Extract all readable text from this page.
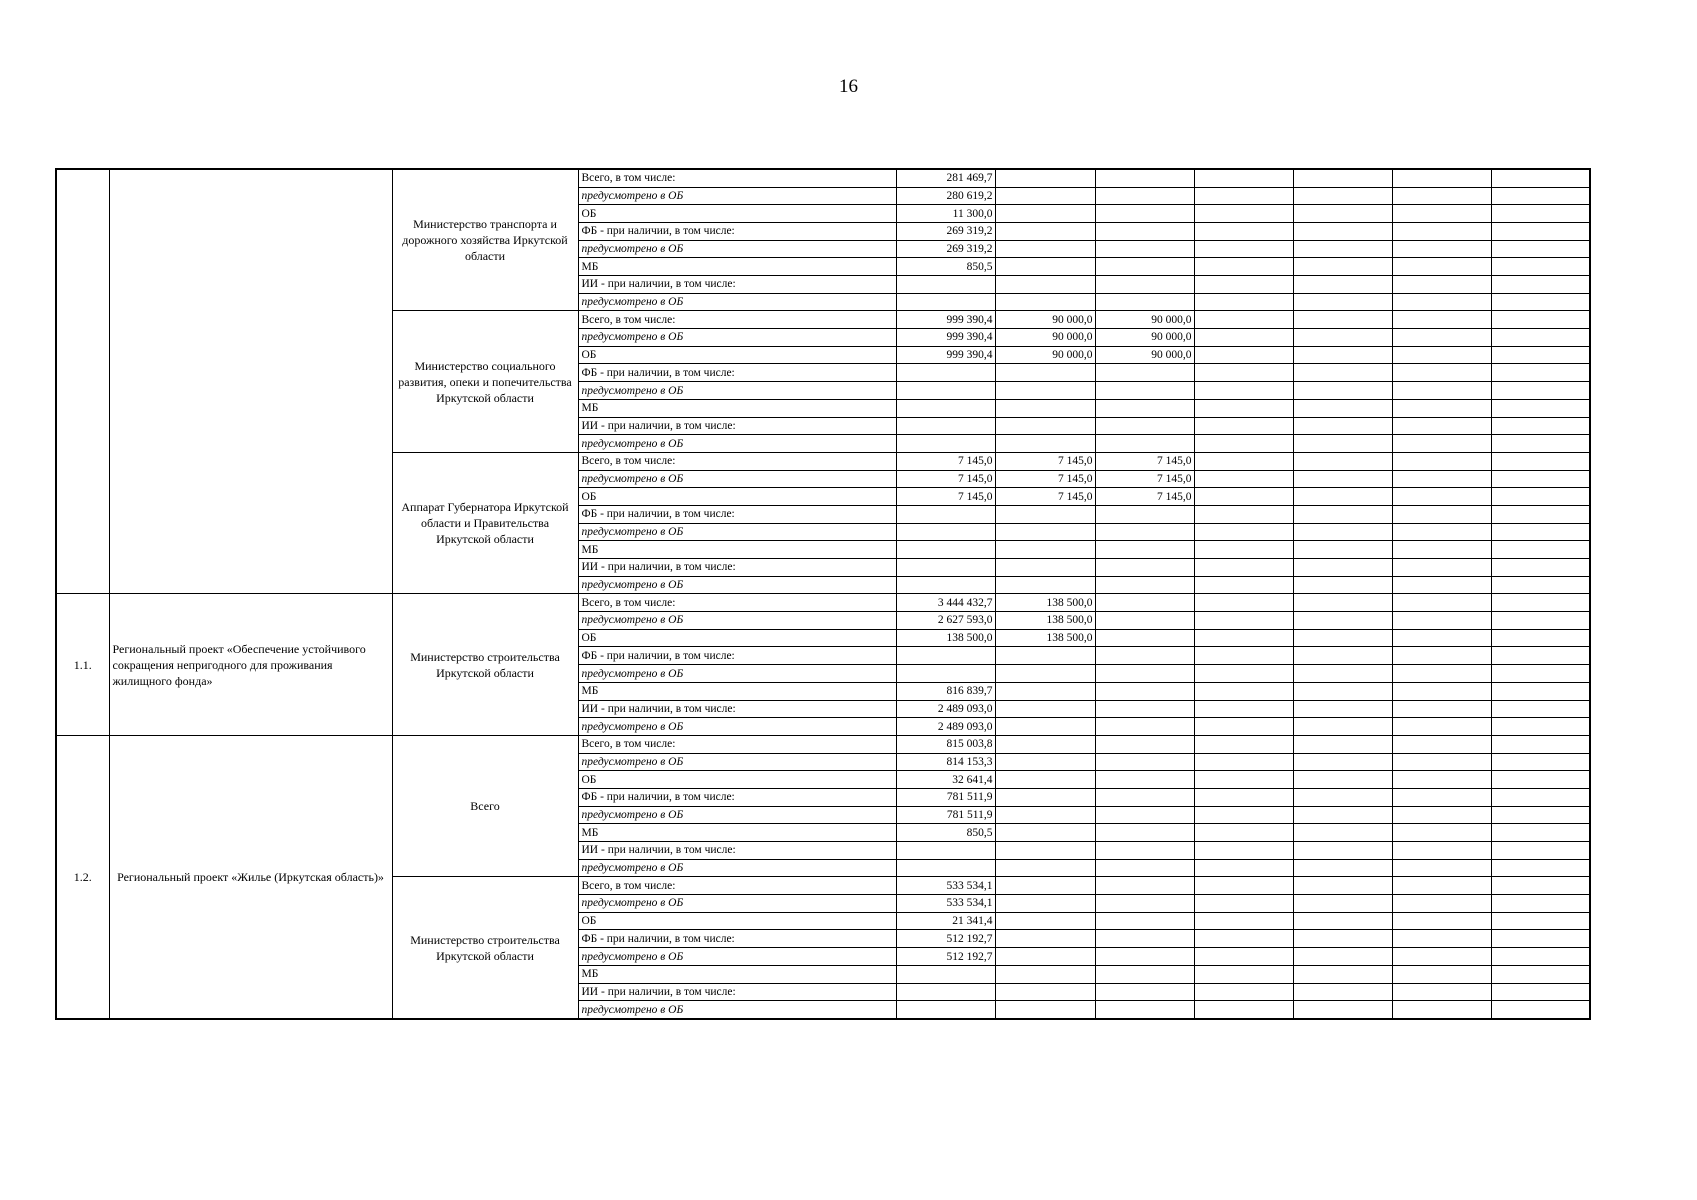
16
		Министерство транспорта и дорожного хозяйства Иркутской области	Всего, в том числе:	281 469,7						
			предусмотрено в ОБ	280 619,2						
			ОБ	11 300,0						
			ФБ - при наличии, в том числе:	269 319,2						
			предусмотрено в ОБ	269 319,2						
			МБ	850,5						
			ИИ - при наличии, в том числе:							
			предусмотрено в ОБ							
		Министерство социального развития, опеки и попечительства Иркутской области	Всего, в том числе:	999 390,4	90 000,0	90 000,0				
			предусмотрено в ОБ	999 390,4	90 000,0	90 000,0				
			ОБ	999 390,4	90 000,0	90 000,0				
			ФБ - при наличии, в том числе:							
			предусмотрено в ОБ							
			МБ							
			ИИ - при наличии, в том числе:							
			предусмотрено в ОБ							
		Аппарат Губернатора Иркутской области и Правительства Иркутской области	Всего, в том числе:	7 145,0	7 145,0	7 145,0				
			предусмотрено в ОБ	7 145,0	7 145,0	7 145,0				
			ОБ	7 145,0	7 145,0	7 145,0				
			ФБ - при наличии, в том числе:							
			предусмотрено в ОБ							
			МБ							
			ИИ - при наличии, в том числе:							
			предусмотрено в ОБ							
1.1.	Региональный проект «Обеспечение устойчивого сокращения непригодного для проживания жилищного фонда»	Министерство строительства Иркутской области	Всего, в том числе:	3 444 432,7	138 500,0					
			предусмотрено в ОБ	2 627 593,0	138 500,0					
			ОБ	138 500,0	138 500,0					
			ФБ - при наличии, в том числе:							
			предусмотрено в ОБ							
			МБ	816 839,7						
			ИИ - при наличии, в том числе:	2 489 093,0						
			предусмотрено в ОБ	2 489 093,0						
1.2.	Региональный проект «Жилье (Иркутская область)»	Всего	Всего, в том числе:	815 003,8						
			предусмотрено в ОБ	814 153,3						
			ОБ	32 641,4						
			ФБ - при наличии, в том числе:	781 511,9						
			предусмотрено в ОБ	781 511,9						
			МБ	850,5						
			ИИ - при наличии, в том числе:							
			предусмотрено в ОБ							
		Министерство строительства Иркутской области	Всего, в том числе:	533 534,1						
			предусмотрено в ОБ	533 534,1						
			ОБ	21 341,4						
			ФБ - при наличии, в том числе:	512 192,7						
			предусмотрено в ОБ	512 192,7						
			МБ							
			ИИ - при наличии, в том числе:							
			предусмотрено в ОБ							
